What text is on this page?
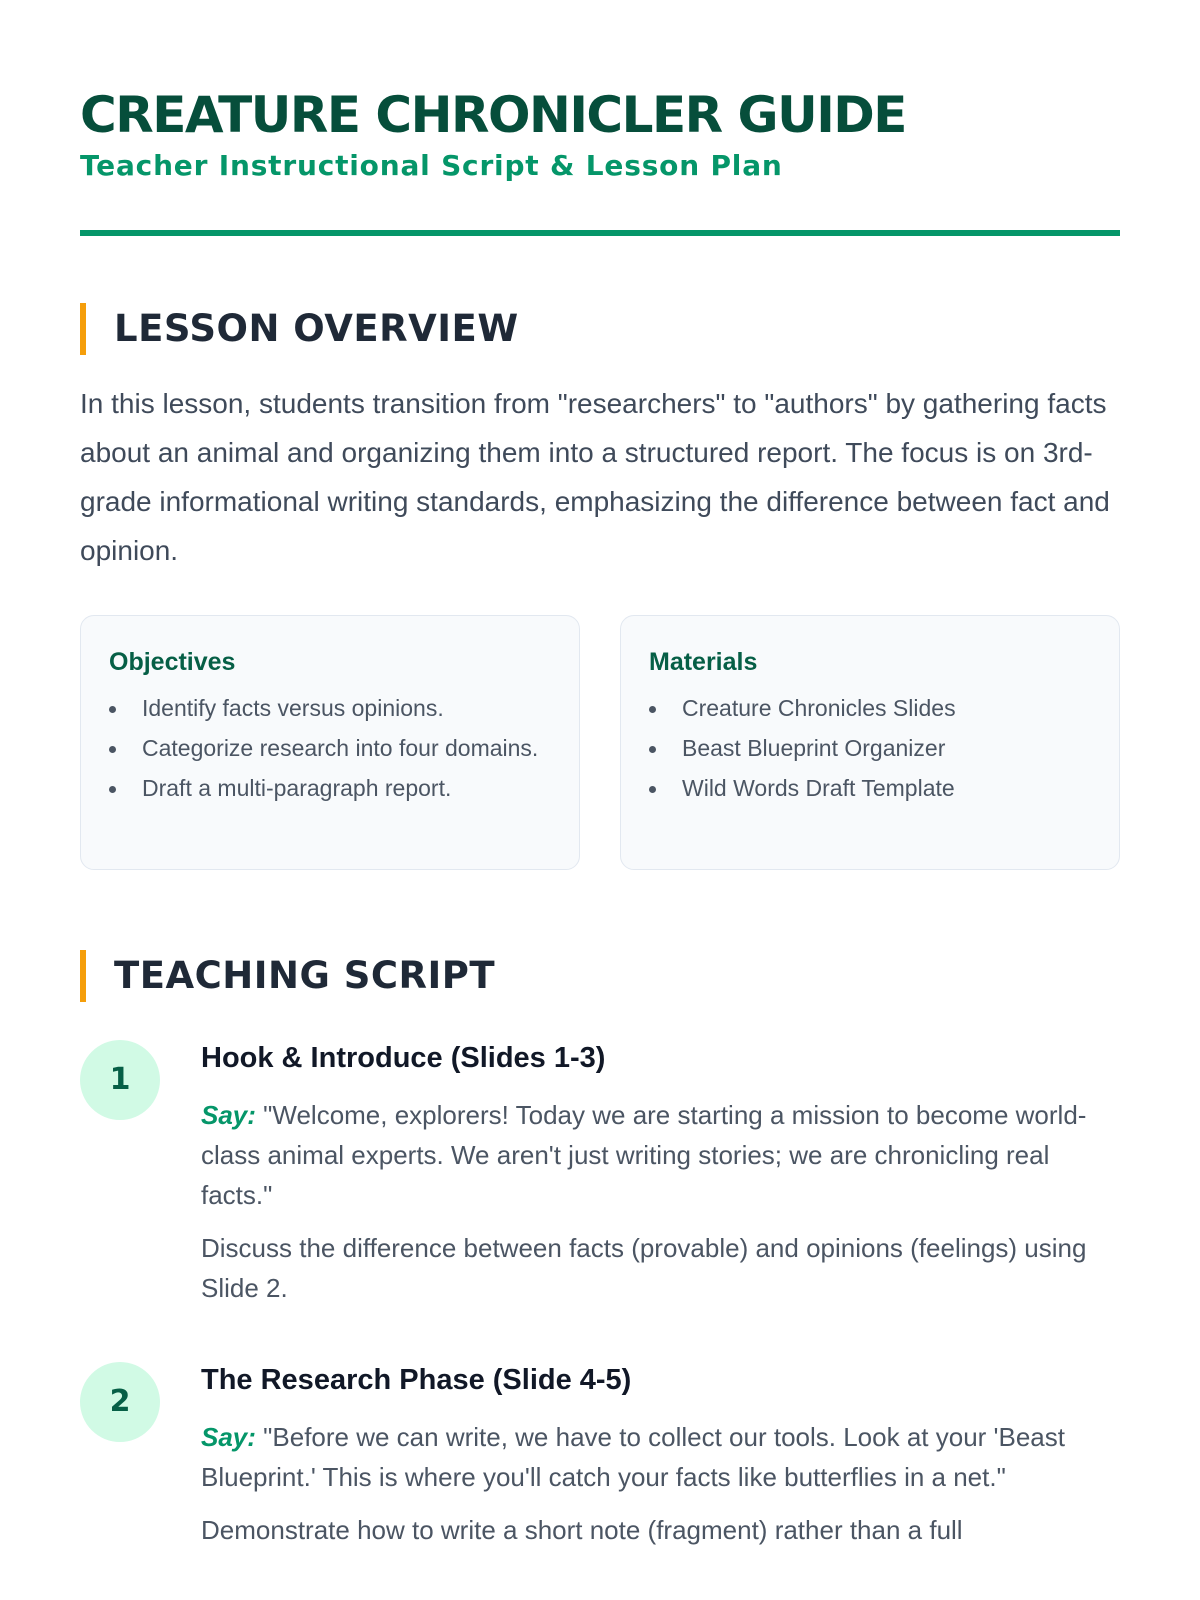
CREATURE CHRONICLER GUIDE
Teacher Instructional Script & Lesson Plan
LESSON OVERVIEW

In this lesson, students transition from "researchers" to "authors" by gathering facts about an animal and organizing them into a structured report. The focus is on 3rd-grade informational writing standards, emphasizing the difference between fact and opinion.

Objectives
Identify facts versus opinions.
Categorize research into four domains.
Draft a multi-paragraph report.
Materials
Creature Chronicles Slides
Beast Blueprint Organizer
Wild Words Draft Template
TEACHING SCRIPT
1
Hook & Introduce (Slides 1-3)

Say: "Welcome, explorers! Today we are starting a mission to become world-class animal experts. We aren't just writing stories; we are chronicling real facts."

Discuss the difference between facts (provable) and opinions (feelings) using Slide 2.

2
The Research Phase (Slide 4-5)

Say: "Before we can write, we have to collect our tools. Look at your 'Beast Blueprint.' This is where you'll catch your facts like butterflies in a net."

Demonstrate how to write a short note (fragment) rather than a full
